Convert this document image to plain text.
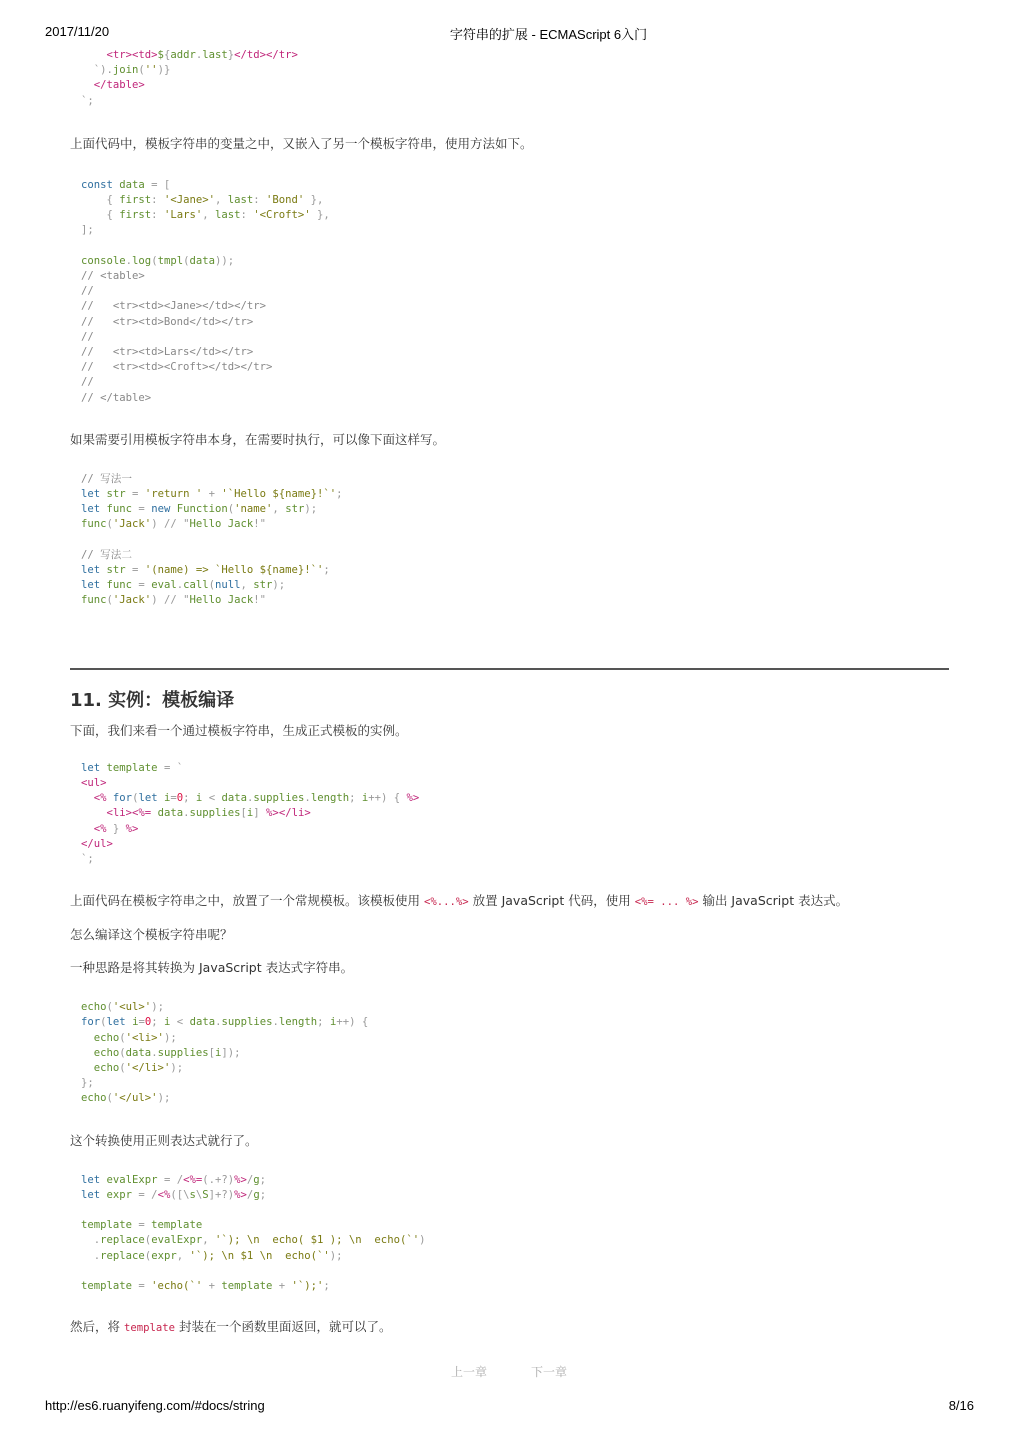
2017/11/20	字符串的扩展 - ECMAScript 6入门
<tr><td>${addr.last}</td></tr>
`).join('')}
</table>
`;

上面代码中，模板字符串的变量之中，又嵌入了另一个模板字符串，使用方法如下。

const data = [
{ first: '<Jane>', last: 'Bond' },
{ first: 'Lars', last: '<Croft>' },
];

console.log(tmpl(data));
// <table>
//
//   <tr><td><Jane></td></tr>
//   <tr><td>Bond</td></tr>
//
//   <tr><td>Lars</td></tr>
//   <tr><td><Croft></td></tr>
//
// </table>

如果需要引用模板字符串本身，在需要时执行，可以像下面这样写。

// 写法一
let str = 'return ' + '`Hello ${name}!`';
let func = new Function('name', str);
func('Jack') // "Hello Jack!"

// 写法二
let str = '(name) => `Hello ${name}!`';
let func = eval.call(null, str);
func('Jack') // "Hello Jack!"
11. 实例：模板编译

下面，我们来看一个通过模板字符串，生成正式模板的实例。

let template = `
<ul>
<% for(let i=0; i < data.supplies.length; i++) { %>
<li><%= data.supplies[i] %></li>
<% } %>
</ul>
`;

上面代码在模板字符串之中，放置了一个常规模板。该模板使用 <%...%> 放置 JavaScript 代码，使用 <%= ... %> 输出 JavaScript 表达式。

怎么编译这个模板字符串呢？

一种思路是将其转换为 JavaScript 表达式字符串。

echo('<ul>');
for(let i=0; i < data.supplies.length; i++) {
echo('<li>');
echo(data.supplies[i]);
echo('</li>');
};
echo('</ul>');

这个转换使用正则表达式就行了。

let evalExpr = /<%=(.+?)%>/g;
let expr = /<%([\s\S]+?)%>/g;

template = template
.replace(evalExpr, '`); \n  echo( $1 ); \n  echo(`')
.replace(expr, '`); \n $1 \n  echo(`');

template = 'echo(`' + template + '`);';

然后，将 template 封装在一个函数里面返回，就可以了。

上一章	下一章
http://es6.ruanyifeng.com/#docs/string	8/16
